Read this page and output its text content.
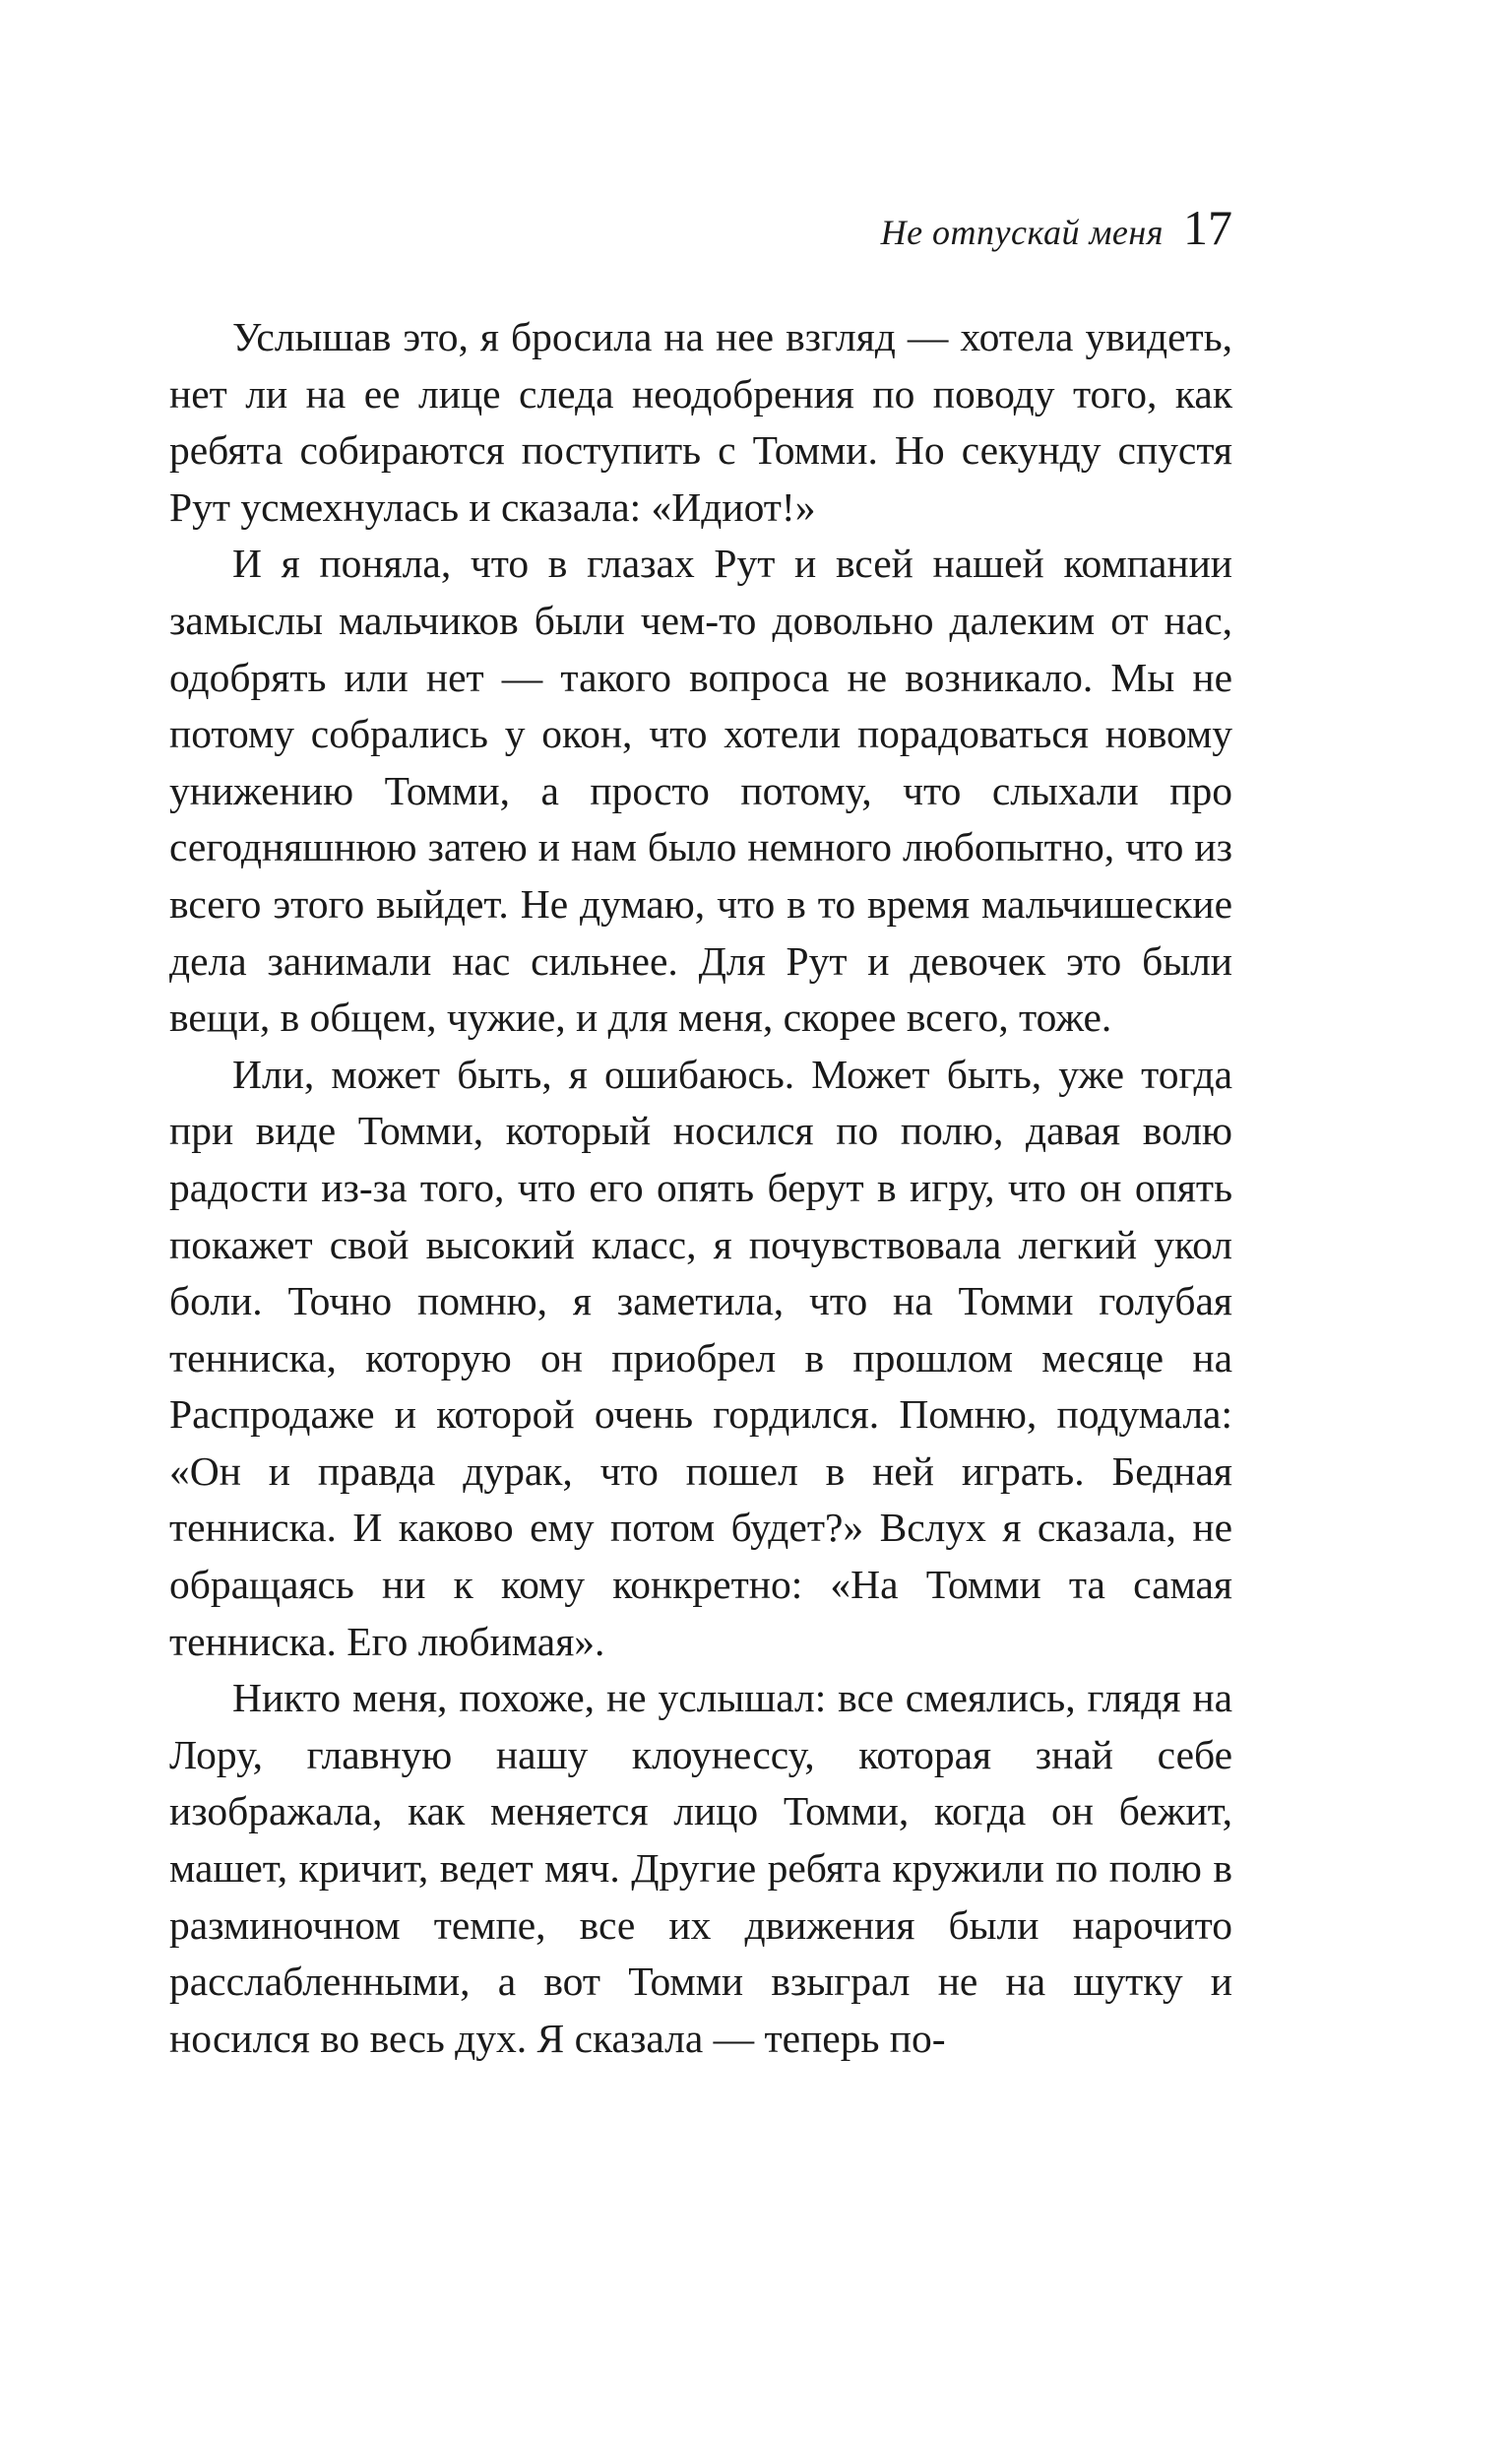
Не отпускай меня 17

Услышав это, я бросила на нее взгляд — хотела увидеть, нет ли на ее лице следа неодобрения по поводу того, как ребята собираются поступить с Томми. Но секунду спустя Рут усмехнулась и сказала: «Идиот!»

И я поняла, что в глазах Рут и всей нашей компании замыслы мальчиков были чем-то довольно далеким от нас, одобрять или нет — такого вопроса не возникало. Мы не потому собрались у окон, что хотели порадоваться новому унижению Томми, а просто потому, что слыхали про сегодняшнюю затею и нам было немного любопытно, что из всего этого выйдет. Не думаю, что в то время мальчишеские дела занимали нас сильнее. Для Рут и девочек это были вещи, в общем, чужие, и для меня, скорее всего, тоже.

Или, может быть, я ошибаюсь. Может быть, уже тогда при виде Томми, который носился по полю, давая волю радости из-за того, что его опять берут в игру, что он опять покажет свой высокий класс, я почувствовала легкий укол боли. Точно помню, я заметила, что на Томми голубая тенниска, которую он приобрел в прошлом месяце на Распродаже и которой очень гордился. Помню, подумала: «Он и правда дурак, что пошел в ней играть. Бедная тенниска. И каково ему потом будет?» Вслух я сказала, не обращаясь ни к кому конкретно: «На Томми та самая тенниска. Его любимая».

Никто меня, похоже, не услышал: все смеялись, глядя на Лору, главную нашу клоунессу, которая знай себе изображала, как меняется лицо Томми, когда он бежит, машет, кричит, ведет мяч. Другие ребята кружили по полю в разминочном темпе, все их движения были нарочито расслабленными, а вот Томми взыграл не на шутку и носился во весь дух. Я сказала — теперь по-
